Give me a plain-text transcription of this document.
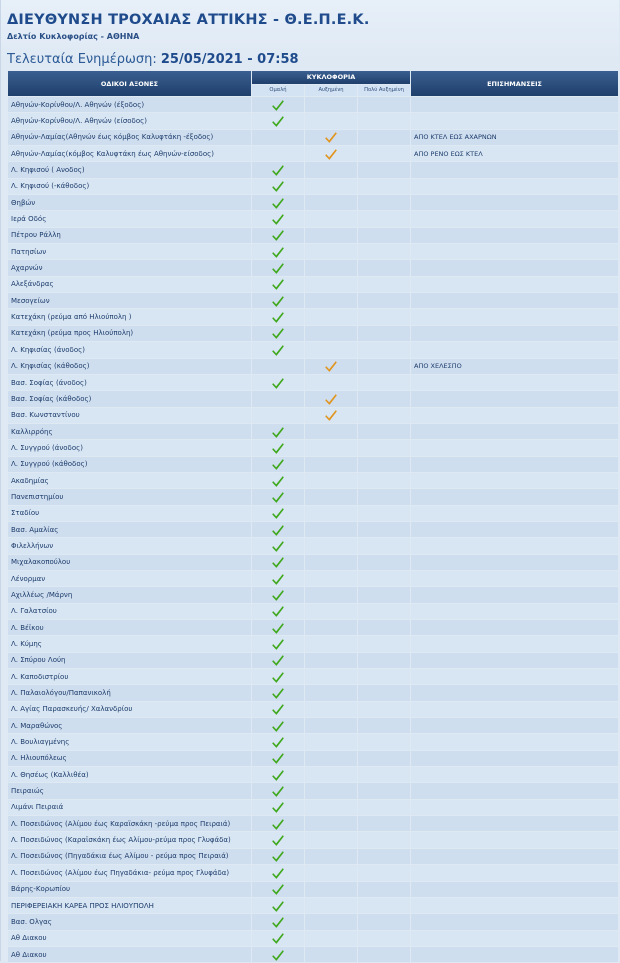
ΔΙΕΥΘΥΝΣΗ ΤΡΟΧΑΙΑΣ ΑΤΤΙΚΗΣ - Θ.Ε.Π.Ε.Κ.
Δελτίο Κυκλοφορίας - ΑΘΗΝΑ
Τελευταία Ενημέρωση: 25/05/2021 - 07:58
ΟΔΙΚΟΙ ΑΞΟΝΕΣ	ΚΥΚΛΟΦΟΡΙΑ			ΕΠΙΣΗΜΑΝΣΕΙΣ
	Ομαλή	Αυξημένη	Πολύ Αυξημένη	
Αθηνών-Κορίνθου/Λ. Αθηνών (έξοδος)				
Αθηνών-Κορίνθου/Λ. Αθηνών (είσοδος)				
Αθηνών-Λαμίας(Αθηνών έως κόμβος Καλυφτάκη -έξοδος)				ΑΠΟ ΚΤΕΛ ΕΩΣ ΑΧΑΡΝΩΝ
Αθηνών-Λαμίας(κόμβος Καλυφτάκη έως Αθηνών-είσοδος)				ΑΠΟ ΡΕΝΟ ΕΩΣ ΚΤΕΛ
Λ. Κηφισού ( Ανοδος)				
Λ. Κηφισού (-κάθοδος)				
Θηβών				
Ιερά Οδός				
Πέτρου Ράλλη				
Πατησίων				
Αχαρνών				
Αλεξάνδρας				
Μεσογείων				
Κατεχάκη (ρεύμα από Ηλιούπολη )				
Κατεχάκη (ρεύμα προς Ηλιούπολη)				
Λ. Κηφισίας (άνοδος)				
Λ. Κηφισίας (κάθοδος)				ΑΠΟ ΧΕΛΕΣΠΟ
Βασ. Σοφίας (άνοδος)				
Βασ. Σοφίας (κάθοδος)				
Βασ. Κωνσταντίνου				
Καλλιρρόης				
Λ. Συγγρού (άνοδος)				
Λ. Συγγρού (κάθοδος)				
Ακαδημίας				
Πανεπιστημίου				
Σταδίου				
Βασ. Αμαλίας				
Φιλελλήνων				
Μιχαλακοπούλου				
Λένορμαν				
Αχιλλέως /Μάρνη				
Λ. Γαλατσίου				
Λ. Βέϊκου				
Λ. Κύμης				
Λ. Σπύρου Λούη				
Λ. Καποδιστρίου				
Λ. Παλαιολόγου/Παπανικολή				
Λ. Αγίας Παρασκευής/ Χαλανδρίου				
Λ. Μαραθώνος				
Λ. Βουλιαγμένης				
Λ. Ηλιουπόλεως				
Λ. Θησέως (Καλλιθέα)				
Πειραιώς				
Λιμάνι Πειραιά				
Λ. Ποσειδώνος (Αλίμου έως Καραϊσκάκη -ρεύμα προς Πειραιά)				
Λ. Ποσειδώνος (Καραϊσκάκη έως Αλίμου-ρεύμα προς Γλυφάδα)				
Λ. Ποσειδώνος (Πηγαδάκια έως Αλίμου - ρεύμα προς Πειραιά)				
Λ. Ποσειδώνος (Αλίμου έως Πηγαδάκια- ρεύμα προς Γλυφάδα)				
Βάρης-Κορωπίου				
ΠΕΡΙΦΕΡΕΙΑΚΗ ΚΑΡΕΑ ΠΡΟΣ ΗΛΙΟΥΠΟΛΗ				
Βασ. Ολγας				
Αθ Διακου				
Αθ Διακου				
